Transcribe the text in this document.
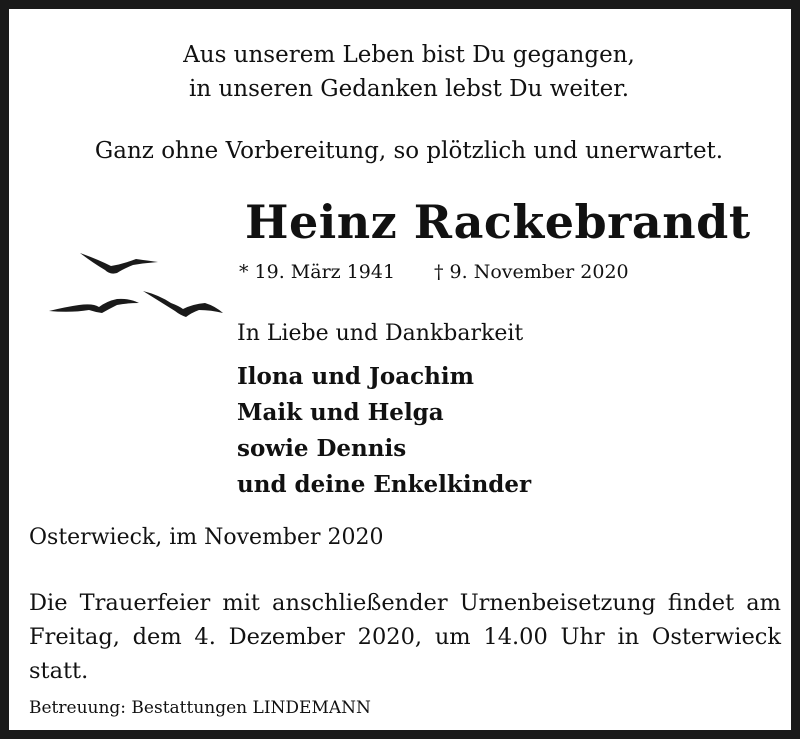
Aus unserem Leben bist Du gegangen,
in unseren Gedanken lebst Du weiter.
Ganz ohne Vorbereitung, so plötzlich und unerwartet.
Heinz Rackebrandt
* 19. März 1941 † 9. November 2020
In Liebe und Dankbarkeit
Ilona und Joachim
Maik und Helga
sowie Dennis
und deine Enkelkinder
Osterwieck, im November 2020
Die Trauerfeier mit anschließender Urnenbeisetzung findet am Freitag, dem 4. Dezember 2020, um 14.00 Uhr in Osterwieck statt.
Betreuung: Bestattungen LINDEMANN
